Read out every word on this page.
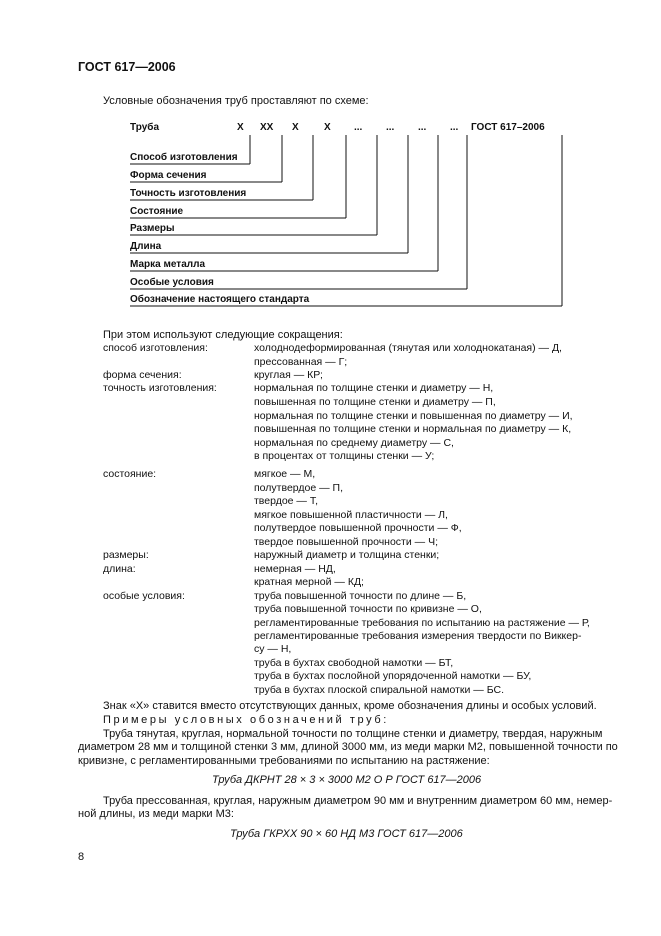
ГОСТ 617—2006
Условные обозначения труб проставляют по схеме:
Труба	X XX X	X ... ... ... ... ГОСТ 617–2006
Способ изготовления
Форма сечения
Точность изготовления
Состояние
Размеры
Длина
Марка металла
Особые условия
Обозначение настоящего стандарта
При этом используют следующие сокращения:
способ изготовления:	холоднодеформированная (тянутая или холоднокатаная) — Д,
прессованная — Г;
форма сечения:	круглая — КР;
точность изготовления:	нормальная по толщине стенки и диаметру — Н,
повышенная по толщине стенки и диаметру — П,
нормальная по толщине стенки и повышенная по диаметру — И,
повышенная по толщине стенки и нормальная по диаметру — К,
нормальная по среднему диаметру — С,
в процентах от толщины стенки — У;
состояние:	мягкое — М,
полутвердое — П,
твердое — Т,
мягкое повышенной пластичности — Л,
полутвердое повышенной прочности — Ф,
твердое повышенной прочности — Ч;
размеры:	наружный диаметр и толщина стенки;
длина:	немерная — НД,
кратная мерной — КД;
особые условия:	труба повышенной точности по длине — Б,
труба повышенной точности по кривизне — О,
регламентированные требования по испытанию на растяжение — Р,
регламентированные требования измерения твердости по Виккер-
су — Н,
труба в бухтах свободной намотки — БТ,
труба в бухтах послойной упорядоченной намотки — БУ,
труба в бухтах плоской спиральной намотки — БС.
Знак «Х» ставится вместо отсутствующих данных, кроме обозначения длины и особых условий.
Примеры условных обозначений труб:
Труба тянутая, круглая, нормальной точности по толщине стенки и диаметру, твердая, наружным
диаметром 28 мм и толщиной стенки 3 мм, длиной 3000 мм, из меди марки М2, повышенной точности по
кривизне, с регламентированными требованиями по испытанию на растяжение:
Труба ДКРНТ 28 × 3 × 3000 М2 О Р ГОСТ 617—2006
Труба прессованная, круглая, наружным диаметром 90 мм и внутренним диаметром 60 мм, немер-
ной длины, из меди марки М3:
Труба ГКРХХ 90 × 60 НД М3 ГОСТ 617—2006
8
